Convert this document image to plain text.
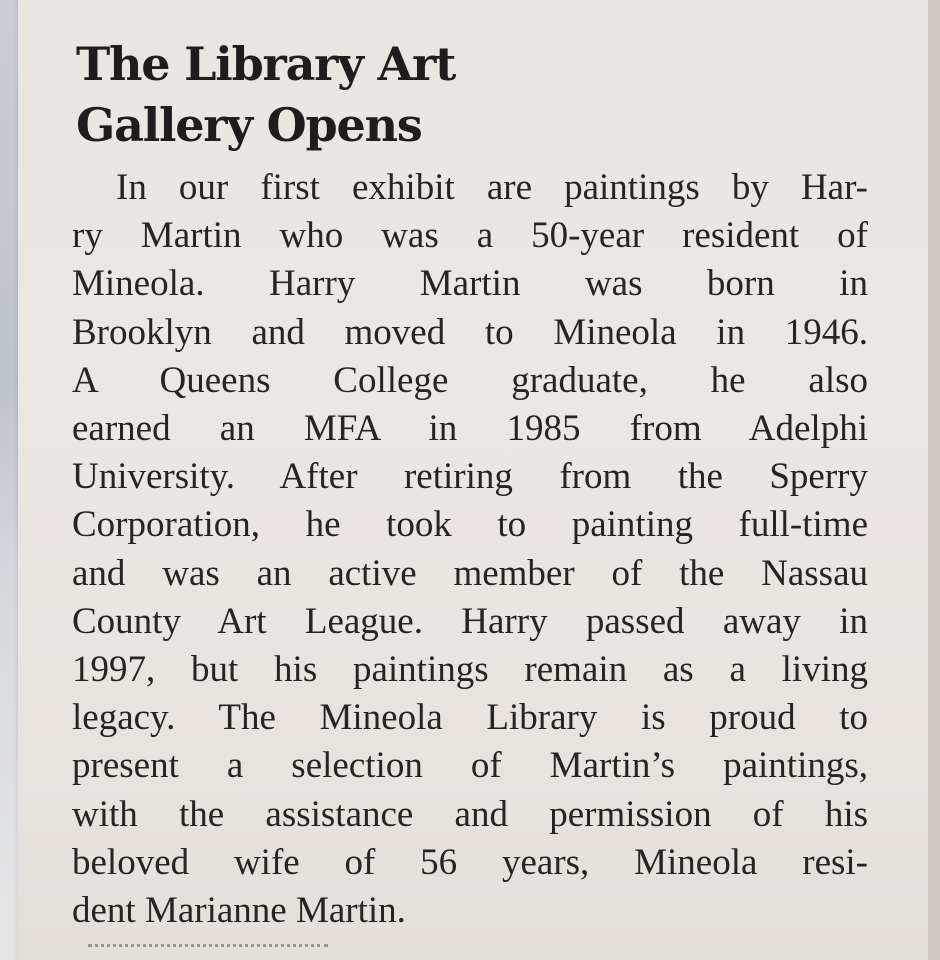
The Library Art
Gallery Opens
In our first exhibit are paintings by Har-
ry Martin who was a 50-year resident of
Mineola. Harry Martin was born in
Brooklyn and moved to Mineola in 1946.
A Queens College graduate, he also
earned an MFA in 1985 from Adelphi
University. After retiring from the Sperry
Corporation, he took to painting full-time
and was an active member of the Nassau
County Art League. Harry passed away in
1997, but his paintings remain as a living
legacy. The Mineola Library is proud to
present a selection of Martin’s paintings,
with the assistance and permission of his
beloved wife of 56 years, Mineola resi-
dent Marianne Martin.
